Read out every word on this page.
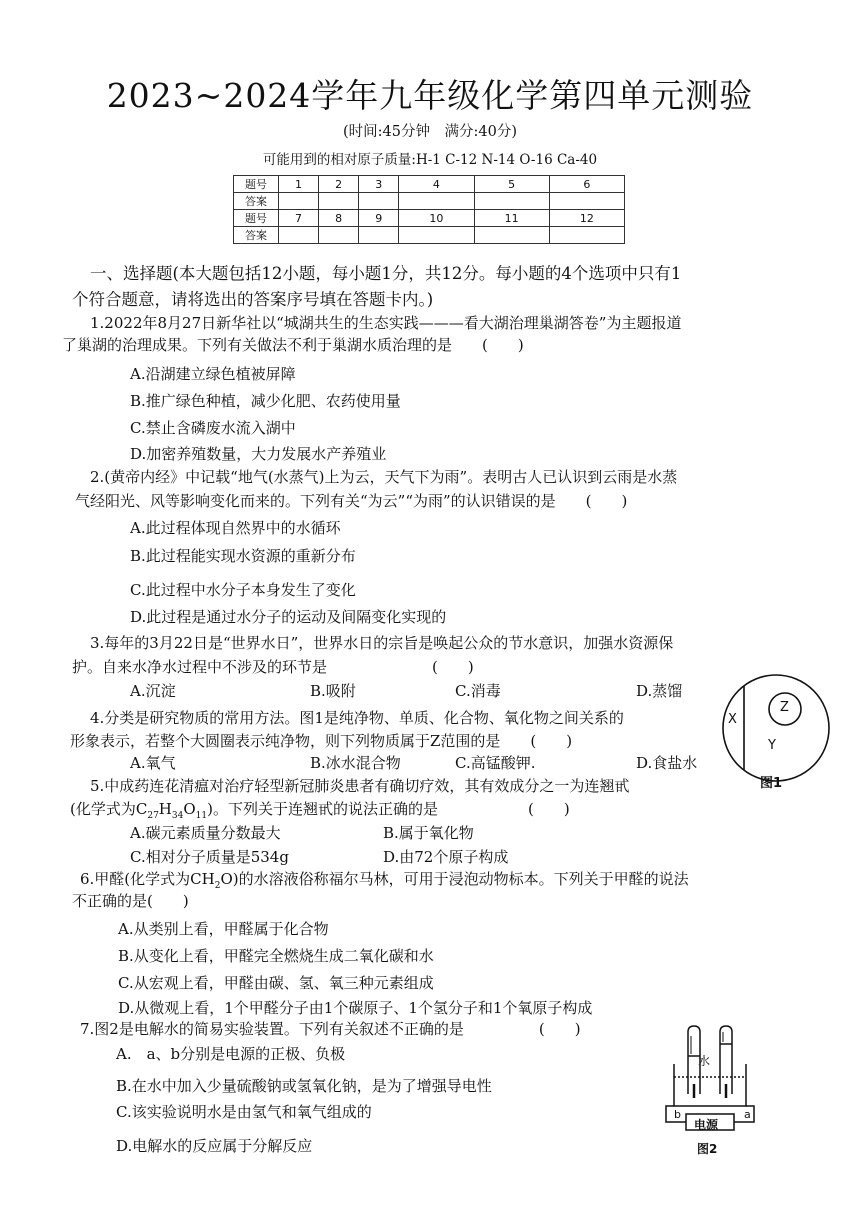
2023~2024学年九年级化学第四单元测验
(时间:45分钟　满分:40分)
可能用到的相对原子质量:H-1 C-12 N-14 O-16 Ca-40
题号	1	2	3	4	5	6
答案						
题号	7	8	9	10	11	12
答案						
一、选择题(本大题包括12小题，每小题1分，共12分。每小题的4个选项中只有1
个符合题意，请将选出的答案序号填在答题卡内。)
1.2022年8月27日新华社以“城湖共生的生态实践———看大湖治理巢湖答卷”为主题报道
了巢湖的治理成果。下列有关做法不利于巢湖水质治理的是　　(　　)
A.沿湖建立绿色植被屏障
B.推广绿色种植，减少化肥、农药使用量
C.禁止含磷废水流入湖中
D.加密养殖数量，大力发展水产养殖业
2.(黄帝内经》中记载“地气(水蒸气)上为云，天气下为雨”。表明古人已认识到云雨是水蒸
气经阳光、风等影响变化而来的。下列有关“为云”“为雨”的认识错误的是　　(　　)
A.此过程体现自然界中的水循环
B.此过程能实现水资源的重新分布
C.此过程中水分子本身发生了变化
D.此过程是通过水分子的运动及间隔变化实现的
3.每年的3月22日是“世界水日”，世界水日的宗旨是唤起公众的节水意识，加强水资源保
护。自来水净水过程中不涉及的环节是　　　　　　　(　　)
A.沉淀	B.吸附	C.消毒	D.蒸馏
4.分类是研究物质的常用方法。图1是纯净物、单质、化合物、氧化物之间关系的
形象表示，若整个大圆圈表示纯净物，则下列物质属于Z范围的是　　(　　)
A.氧气	B.冰水混合物	C.高锰酸钾.	D.食盐水
X
Z
Y
图1
5.中成药连花清瘟对治疗轻型新冠肺炎患者有确切疗效，其有效成分之一为连翘甙
(化学式为$C_{27}H_{34}O_{11}$)。下列关于连翘甙的说法正确的是　　　　　　(　　)
A.碳元素质量分数最大	B.属于氧化物
C.相对分子质量是534g	D.由72个原子构成
6.甲醛(化学式为$CH_2O$)的水溶液俗称福尔马林，可用于浸泡动物标本。下列关于甲醛的说法
不正确的是(　　)
A.从类别上看，甲醛属于化合物
B.从变化上看，甲醛完全燃烧生成二氧化碳和水
C.从宏观上看，甲醛由碳、氢、氧三种元素组成
D.从微观上看，1个甲醛分子由1个碳原子、1个氢分子和1个氧原子构成
7.图2是电解水的简易实验装置。下列有关叙述不正确的是　　　　　(　　)
A.　a、b分别是电源的正极、负极
B.在水中加入少量硫酸钠或氢氧化钠，是为了增强导电性
C.该实验说明水是由氢气和氧气组成的
D.电解水的反应属于分解反应
水
b	a
电源
图2
